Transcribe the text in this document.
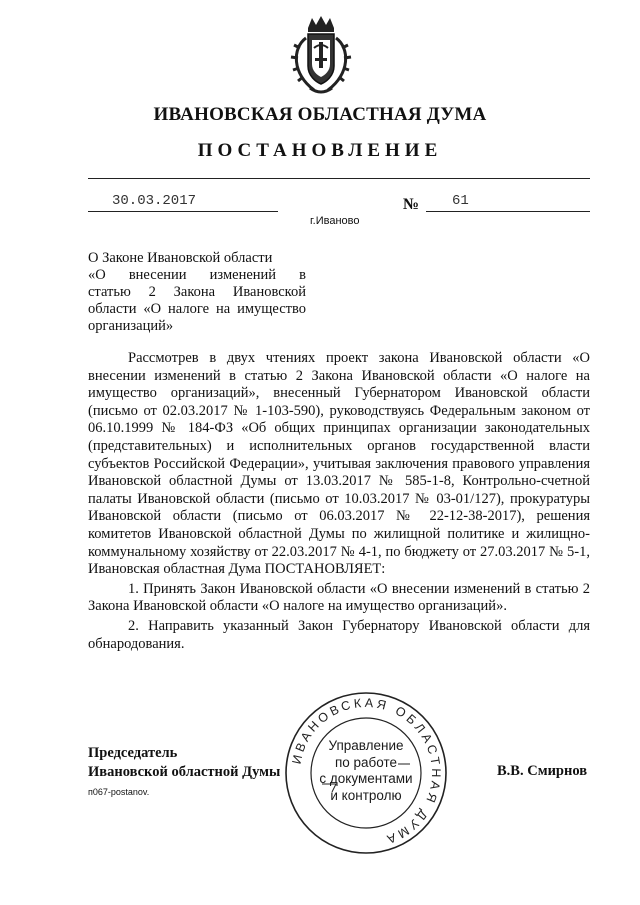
ИВАНОВСКАЯ ОБЛАСТНАЯ ДУМА
ПОСТАНОВЛЕНИЕ
30.03.2017	№ 61
г.Иваново
О Законе Ивановской области
«О внесении изменений в
статью 2 Закона Ивановской
области «О налоге на имущество
организаций»

Рассмотрев в двух чтениях проект закона Ивановской области «О внесении изменений в статью 2 Закона Ивановской области «О налоге на имущество организаций», внесенный Губернатором Ивановской области (письмо от 02.03.2017 № 1-103-590), руководствуясь Федеральным законом от 06.10.1999 № 184-ФЗ «Об общих принципах организации законодательных (представительных) и исполнительных органов государственной власти субъектов Российской Федерации», учитывая заключения правового управления Ивановской областной Думы от 13.03.2017 № 585-1-8, Контрольно-счетной палаты Ивановской области (письмо от 10.03.2017 № 03-01/127), прокуратуры Ивановской области (письмо от 06.03.2017 № 22-12-38-2017), решения комитетов Ивановской областной Думы по жилищной политике и жилищно-коммунальному хозяйству от 22.03.2017 № 4-1, по бюджету от 27.03.2017 № 5-1, Ивановская областная Дума ПОСТАНОВЛЯЕТ:

1. Принять Закон Ивановской области «О внесении изменений в статью 2 Закона Ивановской области «О налоге на имущество организаций».

2. Направить указанный Закон Губернатору Ивановской области для обнародования.

Председатель
Ивановской областной Думы	В.В. Смирнов
п067-postanov.
ИВАНОВСКАЯ ОБЛАСТНАЯ ДУМА
Управление
по работе
с документами
и контролю
